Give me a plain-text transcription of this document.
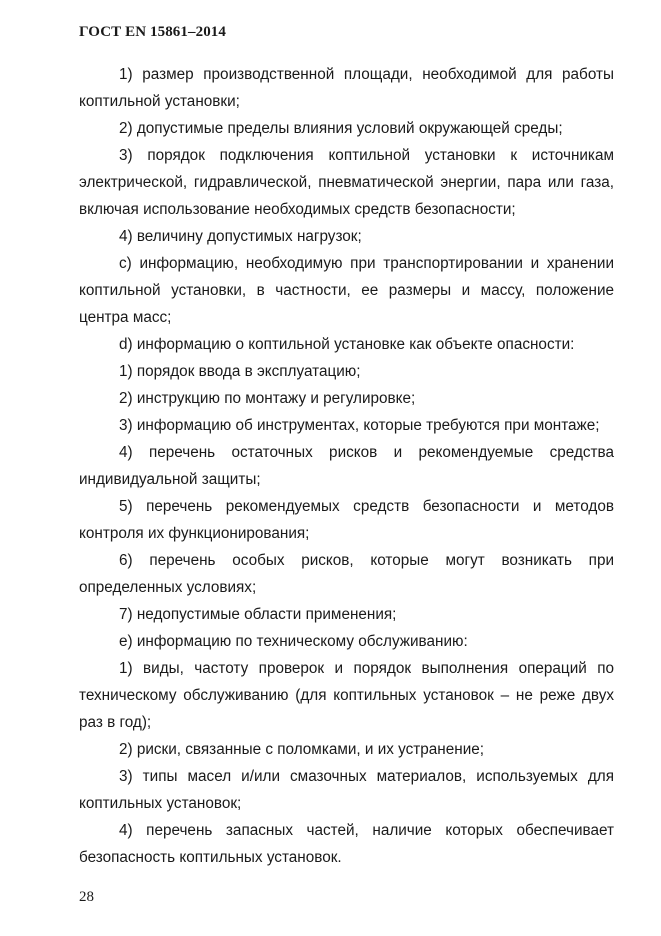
ГОСТ EN 15861–2014

1) размер производственной площади, необходимой для работы коптильной установки;

2) допустимые пределы влияния условий окружающей среды;

3) порядок подключения коптильной установки к источникам электрической, гидравлической, пневматической энергии, пара или газа, включая использование необходимых средств безопасности;

4) величину допустимых нагрузок;

c) информацию, необходимую при транспортировании и хранении коптильной установки, в частности, ее размеры и массу, положение центра масс;

d) информацию о коптильной установке как объекте опасности:

1) порядок ввода в эксплуатацию;

2) инструкцию по монтажу и регулировке;

3) информацию об инструментах, которые требуются при монтаже;

4) перечень остаточных рисков и рекомендуемые средства индивидуальной защиты;

5) перечень рекомендуемых средств безопасности и методов контроля их функционирования;

6) перечень особых рисков, которые могут возникать при определенных условиях;

7) недопустимые области применения;

e) информацию по техническому обслуживанию:

1) виды, частоту проверок и порядок выполнения операций по техническому обслуживанию (для коптильных установок – не реже двух раз в год);

2) риски, связанные с поломками, и их устранение;

3) типы масел и/или смазочных материалов, используемых для коптильных установок;

4) перечень запасных частей, наличие которых обеспечивает безопасность коптильных установок.

28
